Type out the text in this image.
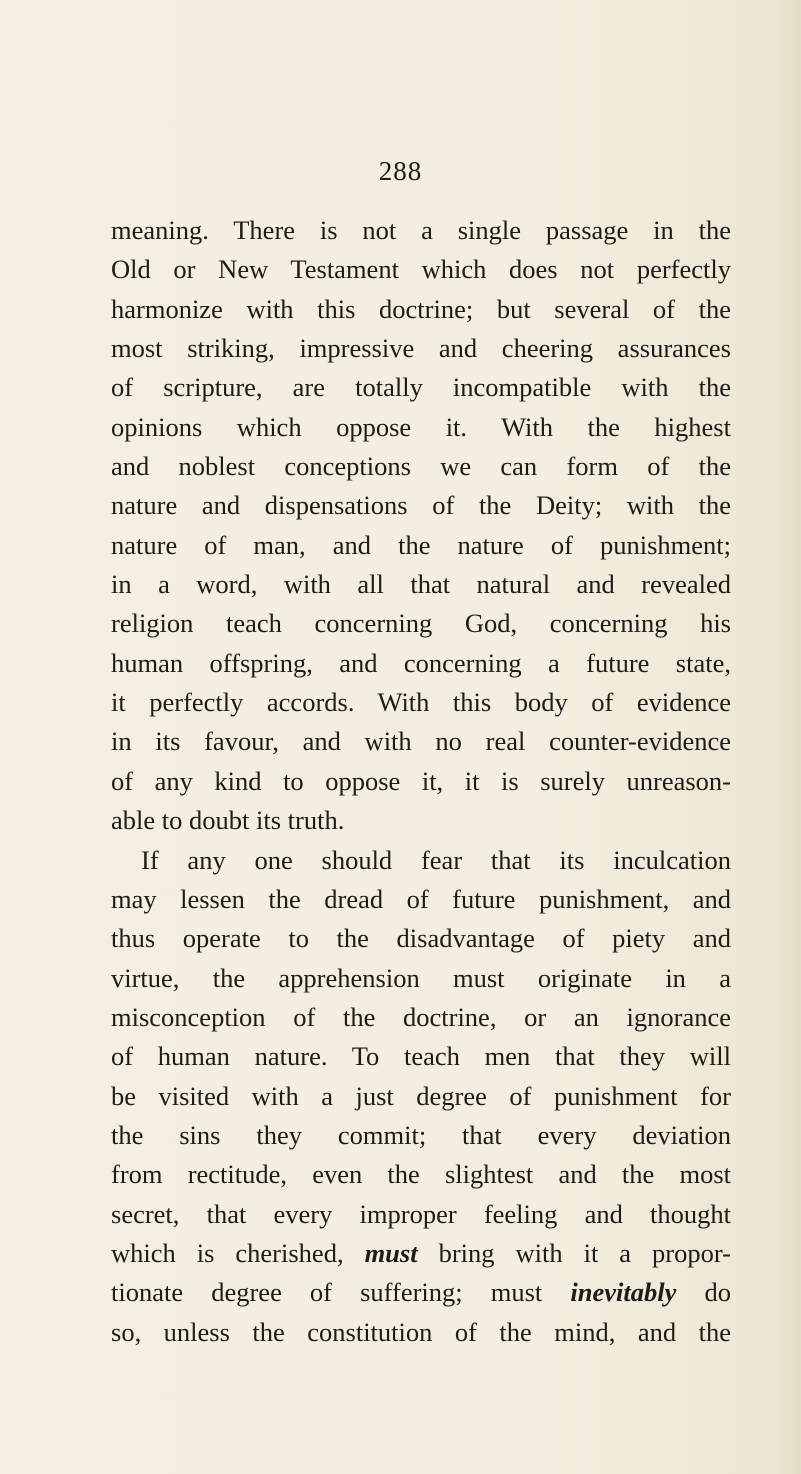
288
meaning. There is not a single passage in the
Old or New Testament which does not perfectly
harmonize with this doctrine; but several of the
most striking, impressive and cheering assurances
of scripture, are totally incompatible with the
opinions which oppose it. With the highest
and noblest conceptions we can form of the
nature and dispensations of the Deity; with the
nature of man, and the nature of punishment;
in a word, with all that natural and revealed
religion teach concerning God, concerning his
human offspring, and concerning a future state,
it perfectly accords. With this body of evidence
in its favour, and with no real counter-evidence
of any kind to oppose it, it is surely unreason-
able to doubt its truth.
If any one should fear that its inculcation
may lessen the dread of future punishment, and
thus operate to the disadvantage of piety and
virtue, the apprehension must originate in a
misconception of the doctrine, or an ignorance
of human nature. To teach men that they will
be visited with a just degree of punishment for
the sins they commit; that every deviation
from rectitude, even the slightest and the most
secret, that every improper feeling and thought
which is cherished, must bring with it a propor-
tionate degree of suffering; must inevitably do
so, unless the constitution of the mind, and the
